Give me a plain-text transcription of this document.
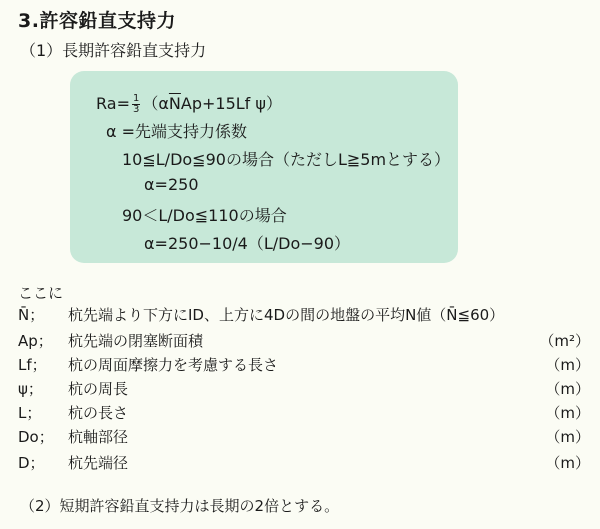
3.許容鉛直支持力
（1）長期許容鉛直支持力
$Ra= \frac{1}{3} (\alpha\overline{N}Ap+15Lf$ ψ）
α =先端支持力係数
10≦L/Do≦90の場合（ただしL≧5mとする）
α=250
90＜L/Do≦110の場合
α=250−10/4（L/Do−90）
ここに
N̄； 杭先端より下方にID、上方に4Dの間の地盤の平均N値（N̄≦60）
Ap； 杭先端の閉塞断面積	（m²）
Lf； 杭の周面摩擦力を考慮する長さ	（m）
ψ； 杭の周長	（m）
L； 杭の長さ	（m）
Do； 杭軸部径	（m）
D； 杭先端径	（m）
（2）短期許容鉛直支持力は長期の2倍とする。
